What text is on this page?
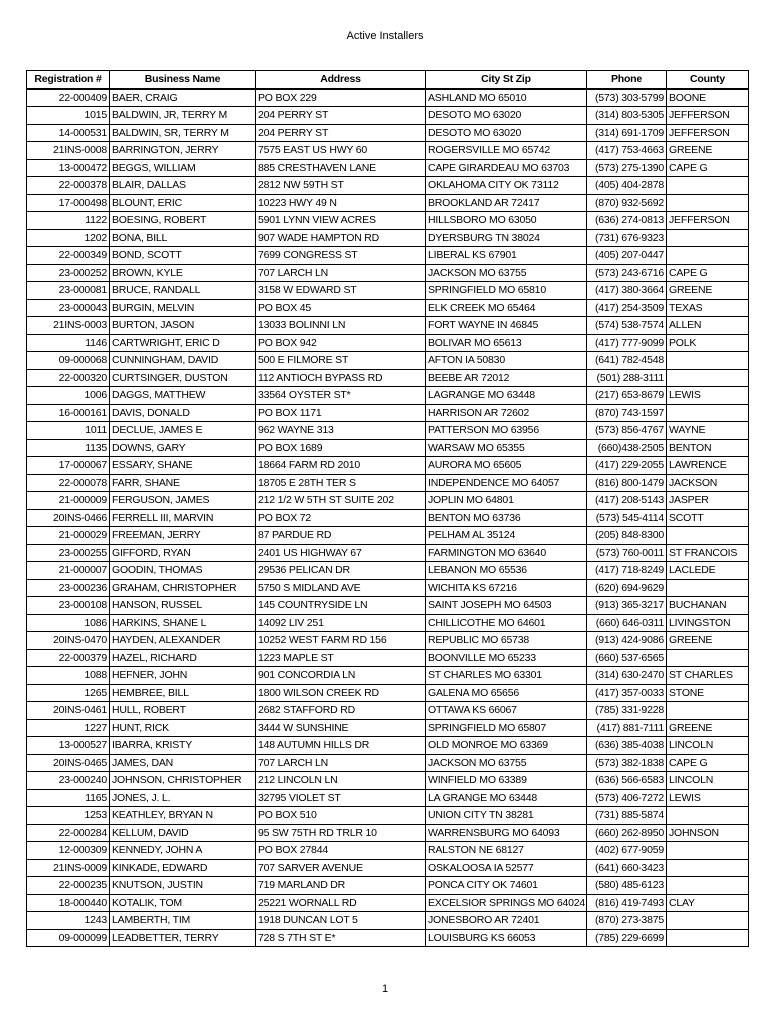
Active Installers
Registration #	Business Name	Address	City St Zip	Phone	County
22-000409	BAER, CRAIG	PO BOX 229	ASHLAND MO 65010	(573) 303-5799	BOONE
1015	BALDWIN, JR, TERRY M	204 PERRY ST	DESOTO MO 63020	(314) 803-5305	JEFFERSON
14-000531	BALDWIN, SR, TERRY M	204 PERRY ST	DESOTO MO 63020	(314) 691-1709	JEFFERSON
21INS-0008	BARRINGTON, JERRY	7575 EAST US HWY 60	ROGERSVILLE MO 65742	(417) 753-4663	GREENE
13-000472	BEGGS, WILLIAM	885 CRESTHAVEN LANE	CAPE GIRARDEAU MO 63703	(573) 275-1390	CAPE G
22-000378	BLAIR, DALLAS	2812 NW 59TH ST	OKLAHOMA CITY OK 73112	(405) 404-2878	
17-000498	BLOUNT, ERIC	10223 HWY 49 N	BROOKLAND AR 72417	(870) 932-5692	
1122	BOESING, ROBERT	5901 LYNN VIEW ACRES	HILLSBORO MO 63050	(636) 274-0813	JEFFERSON
1202	BONA, BILL	907 WADE HAMPTON RD	DYERSBURG TN 38024	(731) 676-9323	
22-000349	BOND, SCOTT	7699 CONGRESS ST	LIBERAL KS 67901	(405) 207-0447	
23-000252	BROWN, KYLE	707 LARCH LN	JACKSON MO 63755	(573) 243-6716	CAPE G
23-000081	BRUCE, RANDALL	3158 W EDWARD ST	SPRINGFIELD MO 65810	(417) 380-3664	GREENE
23-000043	BURGIN, MELVIN	PO BOX 45	ELK CREEK MO 65464	(417) 254-3509	TEXAS
21INS-0003	BURTON, JASON	13033 BOLINNI LN	FORT WAYNE IN 46845	(574) 538-7574	ALLEN
1146	CARTWRIGHT, ERIC D	PO BOX 942	BOLIVAR MO 65613	(417) 777-9099	POLK
09-000068	CUNNINGHAM, DAVID	500 E FILMORE ST	AFTON IA 50830	(641) 782-4548	
22-000320	CURTSINGER, DUSTON	112 ANTIOCH BYPASS RD	BEEBE AR 72012	(501) 288-3111	
1006	DAGGS, MATTHEW	33564 OYSTER ST*	LAGRANGE MO 63448	(217) 653-8679	LEWIS
16-000161	DAVIS, DONALD	PO BOX 1171	HARRISON AR 72602	(870) 743-1597	
1011	DECLUE, JAMES E	962 WAYNE 313	PATTERSON MO 63956	(573) 856-4767	WAYNE
1135	DOWNS, GARY	PO BOX 1689	WARSAW MO 65355	(660)438-2505	BENTON
17-000067	ESSARY, SHANE	18664 FARM RD 2010	AURORA MO 65605	(417) 229-2055	LAWRENCE
22-000078	FARR, SHANE	18705 E 28TH TER S	INDEPENDENCE MO 64057	(816) 800-1479	JACKSON
21-000009	FERGUSON, JAMES	212 1/2 W 5TH ST SUITE 202	JOPLIN MO 64801	(417) 208-5143	JASPER
20INS-0466	FERRELL III, MARVIN	PO BOX 72	BENTON MO 63736	(573) 545-4114	SCOTT
21-000029	FREEMAN, JERRY	87 PARDUE RD	PELHAM AL 35124	(205) 848-8300	
23-000255	GIFFORD, RYAN	2401 US HIGHWAY 67	FARMINGTON MO 63640	(573) 760-0011	ST FRANCOIS
21-000007	GOODIN, THOMAS	29536 PELICAN DR	LEBANON MO 65536	(417) 718-8249	LACLEDE
23-000236	GRAHAM, CHRISTOPHER	5750 S MIDLAND AVE	WICHITA KS 67216	(620) 694-9629	
23-000108	HANSON, RUSSEL	145 COUNTRYSIDE LN	SAINT JOSEPH MO 64503	(913) 365-3217	BUCHANAN
1086	HARKINS, SHANE L	14092 LIV 251	CHILLICOTHE MO 64601	(660) 646-0311	LIVINGSTON
20INS-0470	HAYDEN, ALEXANDER	10252 WEST FARM RD 156	REPUBLIC MO 65738	(913) 424-9086	GREENE
22-000379	HAZEL, RICHARD	1223 MAPLE ST	BOONVILLE MO 65233	(660) 537-6565	
1088	HEFNER, JOHN	901 CONCORDIA LN	ST CHARLES MO 63301	(314) 630-2470	ST CHARLES
1265	HEMBREE, BILL	1800 WILSON CREEK RD	GALENA MO 65656	(417) 357-0033	STONE
20INS-0461	HULL, ROBERT	2682 STAFFORD RD	OTTAWA KS 66067	(785) 331-9228	
1227	HUNT, RICK	3444 W SUNSHINE	SPRINGFIELD MO 65807	(417) 881-7111	GREENE
13-000527	IBARRA, KRISTY	148 AUTUMN HILLS DR	OLD MONROE MO 63369	(636) 385-4038	LINCOLN
20INS-0465	JAMES, DAN	707 LARCH LN	JACKSON MO 63755	(573) 382-1838	CAPE G
23-000240	JOHNSON, CHRISTOPHER	212 LINCOLN LN	WINFIELD MO 63389	(636) 566-6583	LINCOLN
1165	JONES, J. L.	32795 VIOLET ST	LA GRANGE MO 63448	(573) 406-7272	LEWIS
1253	KEATHLEY, BRYAN N	PO BOX 510	UNION CITY TN 38281	(731) 885-5874	
22-000284	KELLUM, DAVID	95 SW 75TH RD TRLR 10	WARRENSBURG MO 64093	(660) 262-8950	JOHNSON
12-000309	KENNEDY, JOHN A	PO BOX 27844	RALSTON NE 68127	(402) 677-9059	
21INS-0009	KINKADE, EDWARD	707 SARVER AVENUE	OSKALOOSA IA 52577	(641) 660-3423	
22-000235	KNUTSON, JUSTIN	719 MARLAND DR	PONCA CITY OK 74601	(580) 485-6123	
18-000440	KOTALIK, TOM	25221 WORNALL RD	EXCELSIOR SPRINGS MO 64024	(816) 419-7493	CLAY
1243	LAMBERTH, TIM	1918 DUNCAN LOT 5	JONESBORO AR 72401	(870) 273-3875	
09-000099	LEADBETTER, TERRY	728 S 7TH ST E*	LOUISBURG KS 66053	(785) 229-6699	
1
